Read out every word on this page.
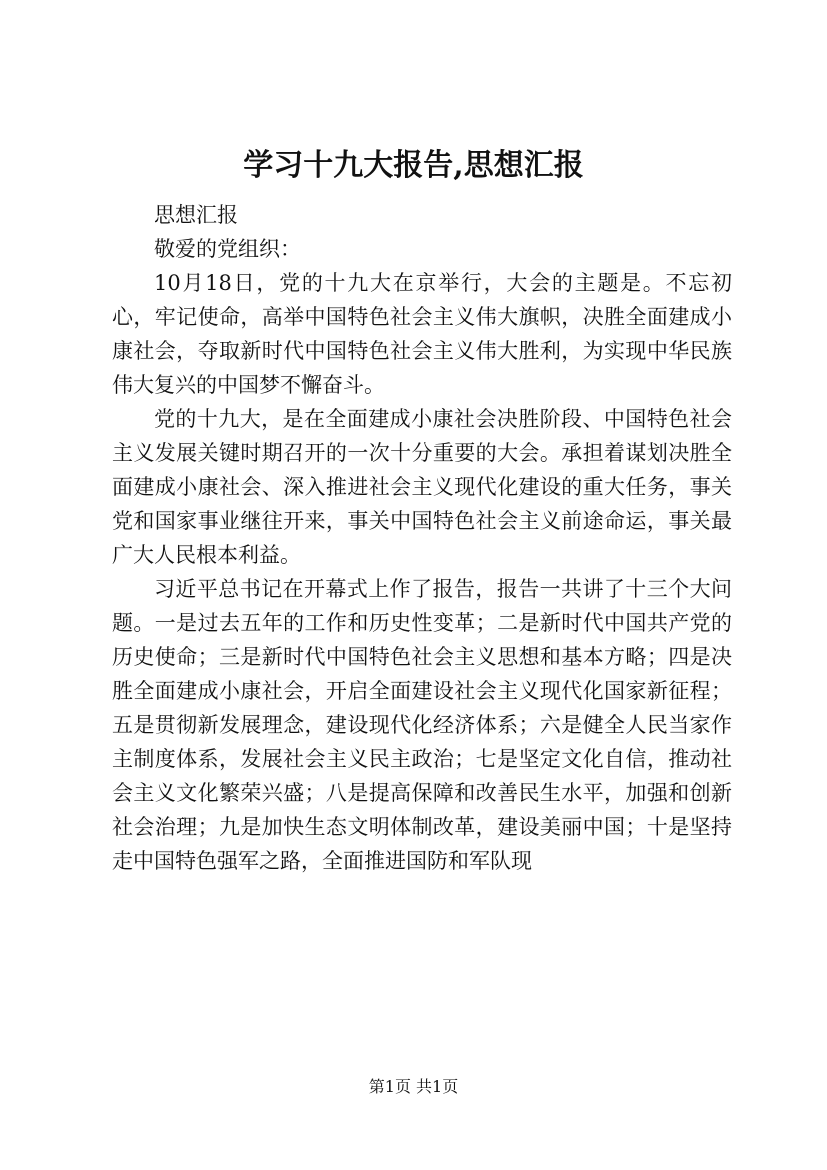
学习十九大报告,思想汇报

思想汇报

敬爱的党组织：

10月18日，党的十九大在京举行，大会的主题是。不忘初心，牢记使命，高举中国特色社会主义伟大旗帜，决胜全面建成小康社会，夺取新时代中国特色社会主义伟大胜利，为实现中华民族伟大复兴的中国梦不懈奋斗。

党的十九大，是在全面建成小康社会决胜阶段、中国特色社会主义发展关键时期召开的一次十分重要的大会。承担着谋划决胜全面建成小康社会、深入推进社会主义现代化建设的重大任务，事关党和国家事业继往开来，事关中国特色社会主义前途命运，事关最广大人民根本利益。

习近平总书记在开幕式上作了报告，报告一共讲了十三个大问题。一是过去五年的工作和历史性变革；二是新时代中国共产党的历史使命；三是新时代中国特色社会主义思想和基本方略；四是决胜全面建成小康社会，开启全面建设社会主义现代化国家新征程；五是贯彻新发展理念，建设现代化经济体系；六是健全人民当家作主制度体系，发展社会主义民主政治；七是坚定文化自信，推动社会主义文化繁荣兴盛；八是提高保障和改善民生水平，加强和创新社会治理；九是加快生态文明体制改革，建设美丽中国；十是坚持走中国特色强军之路，全面推进国防和军队现

第1页 共1页
